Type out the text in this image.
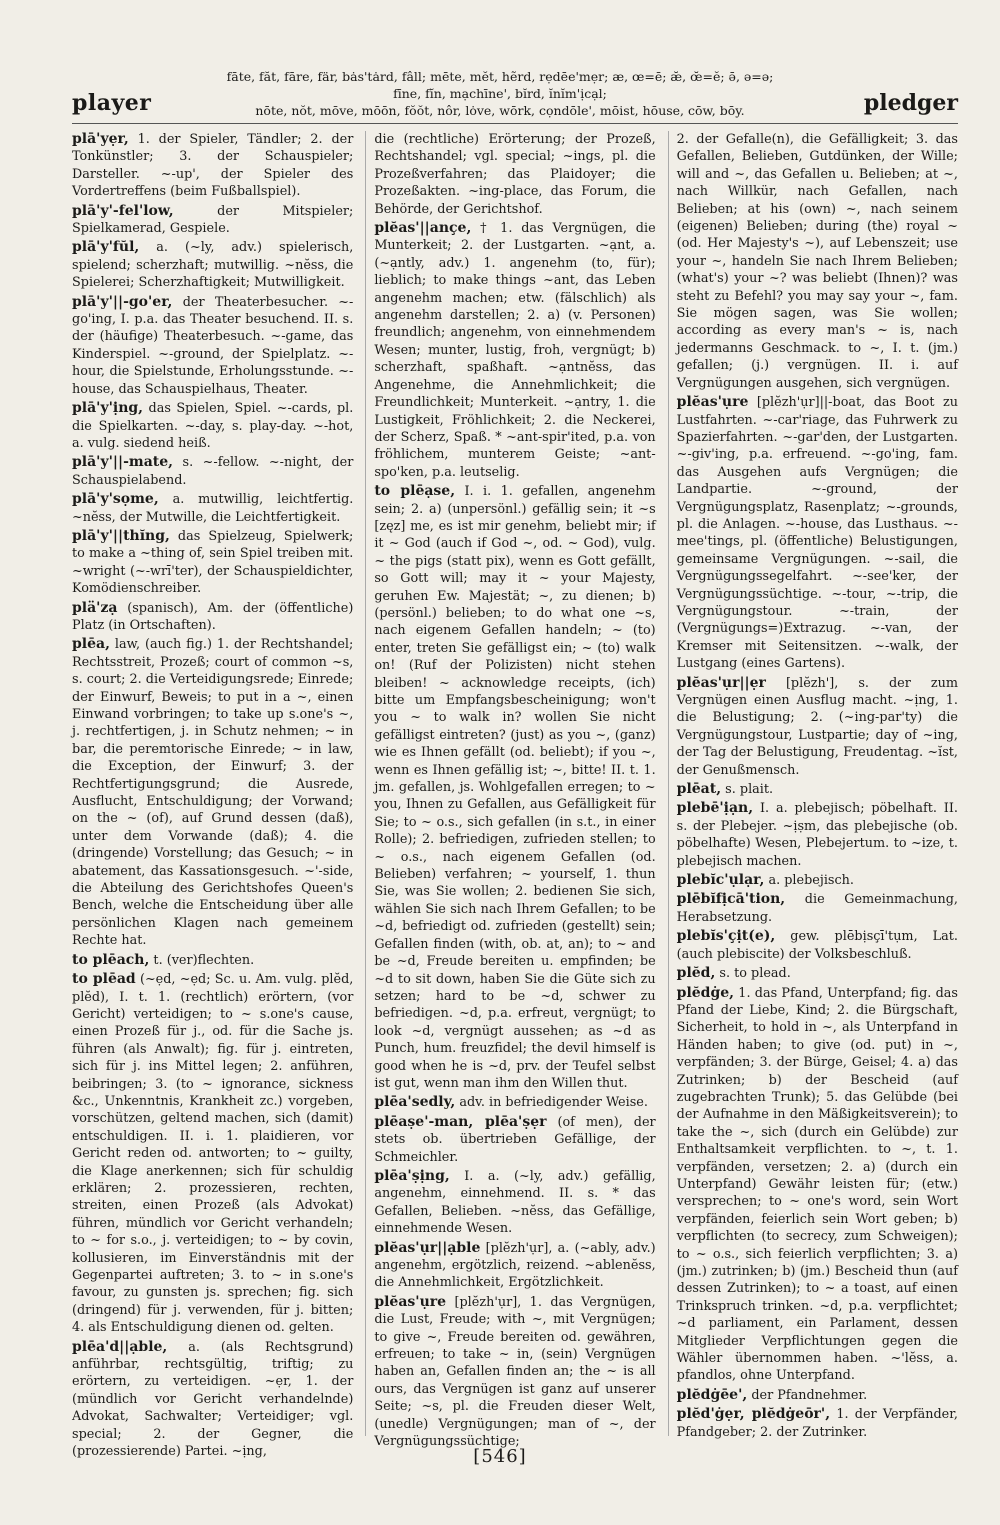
player
fāte, făt, fāre, fär, bȧs'tȧrd, fâll; mēte, mĕt, hẽrd, rẹdēe'mẹr; æ, œ=ē; æ̆, œ̆=ĕ; ə̄, ə=ə;
fīne, fĭn, mạchīne', bĭrd, ĭnĭm'ịcạl;
nōte, nŏt, mōve, mōōn, fŏŏt, nôr, lȯve, wōrk, cọndōle', mōist, hōuse, cōw, bōy.	pledger

plā'yẹr, 1. der Spieler, Tändler; 2. der Tonkünstler; 3. der Schauspieler; Darsteller. ~-up', der Spieler des Vordertreffens (beim Fußballspiel).

plā'y'-fel'low,	der Mitspieler; Spielkamerad, Gespiele.

plā'y'fŭl, a. (~ly, adv.) spielerisch, spielend; scherzhaft; mutwillig. ~nĕss, die Spielerei; Scherzhaftigkeit; Mutwilligkeit.

plā'y'||-go'er, der Theaterbesucher. ~-go'ing, I. p.a. das Theater besuchend. II. s. der (häufige) Theaterbesuch. ~-game, das Kinderspiel. ~-ground, der Spielplatz. ~-hour, die Spielstunde, Erholungsstunde. ~-house, das Schauspielhaus, Theater.

plā'y'ịng, das Spielen, Spiel. ~-cards, pl. die Spielkarten. ~-day, s. play-day. ~-hot, a. vulg. siedend heiß.

plā'y'||-mate, s. ~-fellow. ~-night, der Schauspielabend.

plā'y'sọme, a. mutwillig, leichtfertig. ~nĕss, der Mutwille, die Leichtfertigkeit.

plā'y'||thĭng, das Spielzeug, Spielwerk; to make a ~thing of, sein Spiel treiben mit. ~wright (~-wrī'ter), der Schauspieldichter, Komödienschreiber.

plä'zạ (spanisch), Am. der (öffentliche) Platz (in Ortschaften).

plēa, law, (auch fig.) 1. der Rechtshandel; Rechtsstreit, Prozeß; court of common ~s, s. court; 2. die Verteidigungsrede; Einrede; der Einwurf, Beweis; to put in a ~, einen Einwand vorbringen; to take up s.one's ~, j. rechtfertigen, j. in Schutz nehmen; ~ in bar, die peremtorische Einrede; ~ in law, die Exception, der Einwurf; 3. der Rechtfertigungsgrund; die Ausrede, Ausflucht, Entschuldigung; der Vorwand; on the ~ (of), auf Grund dessen (daß), unter dem Vorwande (daß); 4. die (dringende) Vorstellung; das Gesuch; ~ in abatement, das Kassationsgesuch. ~'-side, die Abteilung des Gerichtshofes Queen's Bench, welche die Entscheidung über alle persönlichen Klagen nach gemeinem Rechte hat.

to plēach, t. (ver)flechten.

to plēad (~ẹd, ~ẹd; Sc. u. Am. vulg. plĕd, plĕd), I. t. 1. (rechtlich) erörtern, (vor Gericht) verteidigen; to ~ s.one's cause, einen Prozeß für j., od. für die Sache js. führen (als Anwalt); fig. für j. eintreten, sich für j. ins Mittel legen; 2. anführen, beibringen; 3. (to ~ ignorance, sickness &c., Unkenntnis, Krankheit zc.) vorgeben, vorschützen, geltend machen, sich (damit) entschuldigen. II. i. 1. plaidieren, vor Gericht reden od. antworten; to ~ guilty, die Klage anerkennen; sich für schuldig erklären; 2. prozessieren, rechten, streiten, einen Prozeß (als Advokat) führen, mündlich vor Gericht verhandeln; to ~ for s.o., j. verteidigen; to ~ by covin, kollusieren, im Einverständnis mit der Gegenpartei auftreten; 3. to ~ in s.one's favour, zu gunsten js. sprechen; fig. sich (dringend) für j. verwenden, für j. bitten; 4. als Entschuldigung dienen od. gelten.

plēa'd||ạble, a. (als Rechtsgrund) anführbar, rechtsgültig, triftig; zu erörtern, zu verteidigen. ~ẹr, 1. der (mündlich vor Gericht verhandelnde) Advokat, Sachwalter; Verteidiger; vgl. special; 2. der Gegner, die (prozessierende) Partei. ~ịng,

die (rechtliche) Erörterung; der Prozeß, Rechtshandel; vgl. special; ~ings, pl. die Prozeßverfahren; das Plaidoyer; die Prozeßakten. ~ing-place, das Forum, die Behörde, der Gerichtshof.

plĕas'||ançe, † 1. das Vergnügen, die Munterkeit; 2. der Lustgarten. ~ạnt, a. (~ạntly, adv.) 1. angenehm (to, für); lieblich; to make things ~ant, das Leben angenehm machen; etw. (fälschlich) als angenehm darstellen; 2. a) (v. Personen) freundlich; angenehm, von einnehmendem Wesen; munter, lustig, froh, vergnügt; b) scherzhaft, spaßhaft. ~ạntnĕss, das Angenehme, die Annehmlichkeit; die Freundlichkeit; Munterkeit. ~ạntry, 1. die Lustigkeit, Fröhlichkeit; 2. die Neckerei, der Scherz, Spaß. * ~ant-spir'ited, p.a. von fröhlichem, munterem Geiste; ~ant-spo'ken, p.a. leutselig.

to plēạse, I. i. 1. gefallen, angenehm sein; 2. a) (unpersönl.) gefällig sein; it ~s [zęz] me, es ist mir genehm, beliebt mir; if it ~ God (auch if God ~, od. ~ God), vulg. ~ the pigs (statt pix), wenn es Gott gefällt, so Gott will; may it ~ your Majesty, geruhen Ew. Majestät; ~, zu dienen; b) (persönl.) belieben; to do what one ~s, nach eigenem Gefallen handeln; ~ (to) enter, treten Sie gefälligst ein; ~ (to) walk on! (Ruf der Polizisten) nicht stehen bleiben! ~ acknowledge receipts, (ich) bitte um Empfangsbescheinigung; won't you ~ to walk in? wollen Sie nicht gefälligst eintreten? (just) as you ~, (ganz) wie es Ihnen gefällt (od. beliebt); if you ~, wenn es Ihnen gefällig ist; ~, bitte! II. t. 1. jm. gefallen, js. Wohlgefallen erregen; to ~ you, Ihnen zu Gefallen, aus Gefälligkeit für Sie; to ~ o.s., sich gefallen (in s.t., in einer Rolle); 2. befriedigen, zufrieden stellen; to ~ o.s., nach eigenem Gefallen (od. Belieben) verfahren; ~ yourself, 1. thun Sie, was Sie wollen; 2. bedienen Sie sich, wählen Sie sich nach Ihrem Gefallen; to be ~d, befriedigt od. zufrieden (gestellt) sein; Gefallen finden (with, ob. at, an); to ~ and be ~d, Freude bereiten u. empfinden; be ~d to sit down, haben Sie die Güte sich zu setzen; hard to be ~d, schwer zu befriedigen. ~d, p.a. erfreut, vergnügt; to look ~d, vergnügt aussehen; as ~d as Punch, hum. freuzfidel; the devil himself is good when he is ~d, prv. der Teufel selbst ist gut, wenn man ihm den Willen thut.

plēa'sedly, adv. in befriedigender Weise.

plēaṣe'-man, plēa'ṣẹr (of men), der stets ob. übertrieben Gefällige, der Schmeichler.

plēa'ṣịng, I. a. (~ly, adv.) gefällig, angenehm, einnehmend. II. s. * das Gefallen, Belieben. ~nĕss, das Gefällige, einnehmende Wesen.

plĕas'ụr||ạble [plĕzh'ụr], a. (~ably, adv.) angenehm, ergötzlich, reizend. ~ablenĕss, die Annehmlichkeit, Ergötzlichkeit.

plĕas'ụre [plĕzh'ụr], 1. das Vergnügen, die Lust, Freude; with ~, mit Vergnügen; to give ~, Freude bereiten od. gewähren, erfreuen; to take ~ in, (sein) Vergnügen haben an, Gefallen finden an; the ~ is all ours, das Vergnügen ist ganz auf unserer Seite; ~s, pl. die Freuden dieser Welt, (unedle) Vergnügungen; man of ~, der Vergnügungssüchtige;

2. der Gefalle(n), die Gefälligkeit; 3. das Gefallen, Belieben, Gutdünken, der Wille; will and ~, das Gefallen u. Belieben; at ~, nach Willkür, nach Gefallen, nach Belieben; at his (own) ~, nach seinem (eigenen) Belieben; during (the) royal ~ (od. Her Majesty's ~), auf Lebenszeit; use your ~, handeln Sie nach Ihrem Belieben; (what's) your ~? was beliebt (Ihnen)? was steht zu Befehl? you may say your ~, fam. Sie mögen sagen, was Sie wollen; according as every man's ~ is, nach jedermanns Geschmack. to ~, I. t. (jm.) gefallen; (j.) vergnügen. II. i. auf Vergnügungen ausgehen, sich vergnügen.

plĕas'ụre [plĕzh'ụr]||-boat, das Boot zu Lustfahrten. ~-car'riage, das Fuhrwerk zu Spazierfahrten. ~-gar'den, der Lustgarten. ~-giv'ing, p.a. erfreuend. ~-go'ing, fam. das Ausgehen aufs Vergnügen; die Landpartie. ~-ground, der Vergnügungsplatz, Rasenplatz; ~-grounds, pl. die Anlagen. ~-house, das Lusthaus. ~-mee'tings, pl. (öffentliche) Belustigungen, gemeinsame Vergnügungen. ~-sail, die Vergnügungssegelfahrt. ~-see'ker, der Vergnügungssüchtige. ~-tour, ~-trip, die Vergnügungstour. ~-train, der (Vergnügungs=)Extrazug. ~-van, der Kremser mit Seitensitzen. ~-walk, der Lustgang (eines Gartens).

plĕas'ụr||ẹr [plĕzh'], s. der zum Vergnügen einen Ausflug macht. ~ịng, 1. die Belustigung; 2. (~ing-par'ty) die Vergnügungstour, Lustpartie; day of ~ing, der Tag der Belustigung, Freudentag. ~ĭst, der Genußmensch.

plēat, s. plait.

plebē'ịạn, I. a. plebejisch; pöbelhaft. II. s. der Plebejer. ~ịṣm, das plebejische (ob. pöbelhafte) Wesen, Plebejertum. to ~ize, t. plebejisch machen.

plebĭc'ụlạr, a. plebejisch.

plēbĭfịcā'tion, die Gemeinmachung, Herabsetzung.

plebĭs'çịt(e), gew. plēbịsçī'tụm, Lat. (auch plebiscite) der Volksbeschluß.

plĕd, s. to plead.

plĕdġe, 1. das Pfand, Unterpfand; fig. das Pfand der Liebe, Kind; 2. die Bürgschaft, Sicherheit, to hold in ~, als Unterpfand in Händen haben; to give (od. put) in ~, verpfänden; 3. der Bürge, Geisel; 4. a) das Zutrinken; b) der Bescheid (auf zugebrachten Trunk); 5. das Gelübde (bei der Aufnahme in den Mäßigkeitsverein); to take the ~, sich (durch ein Gelübde) zur Enthaltsamkeit verpflichten. to ~, t. 1. verpfänden, versetzen; 2. a) (durch ein Unterpfand) Gewähr leisten für; (etw.) versprechen; to ~ one's word, sein Wort verpfänden, feierlich sein Wort geben; b) verpflichten (to secrecy, zum Schweigen); to ~ o.s., sich feierlich verpflichten; 3. a) (jm.) zutrinken; b) (jm.) Bescheid thun (auf dessen Zutrinken); to ~ a toast, auf einen Trinkspruch trinken. ~d, p.a. verpflichtet; ~d parliament, ein Parlament, dessen Mitglieder Verpflichtungen gegen die Wähler übernommen haben. ~'lĕss, a. pfandlos, ohne Unterpfand.

plĕdġēe', der Pfandnehmer.

plĕd'ġẹr, plĕdġeōr', 1. der Verpfänder, Pfandgeber; 2. der Zutrinker.

[546]
